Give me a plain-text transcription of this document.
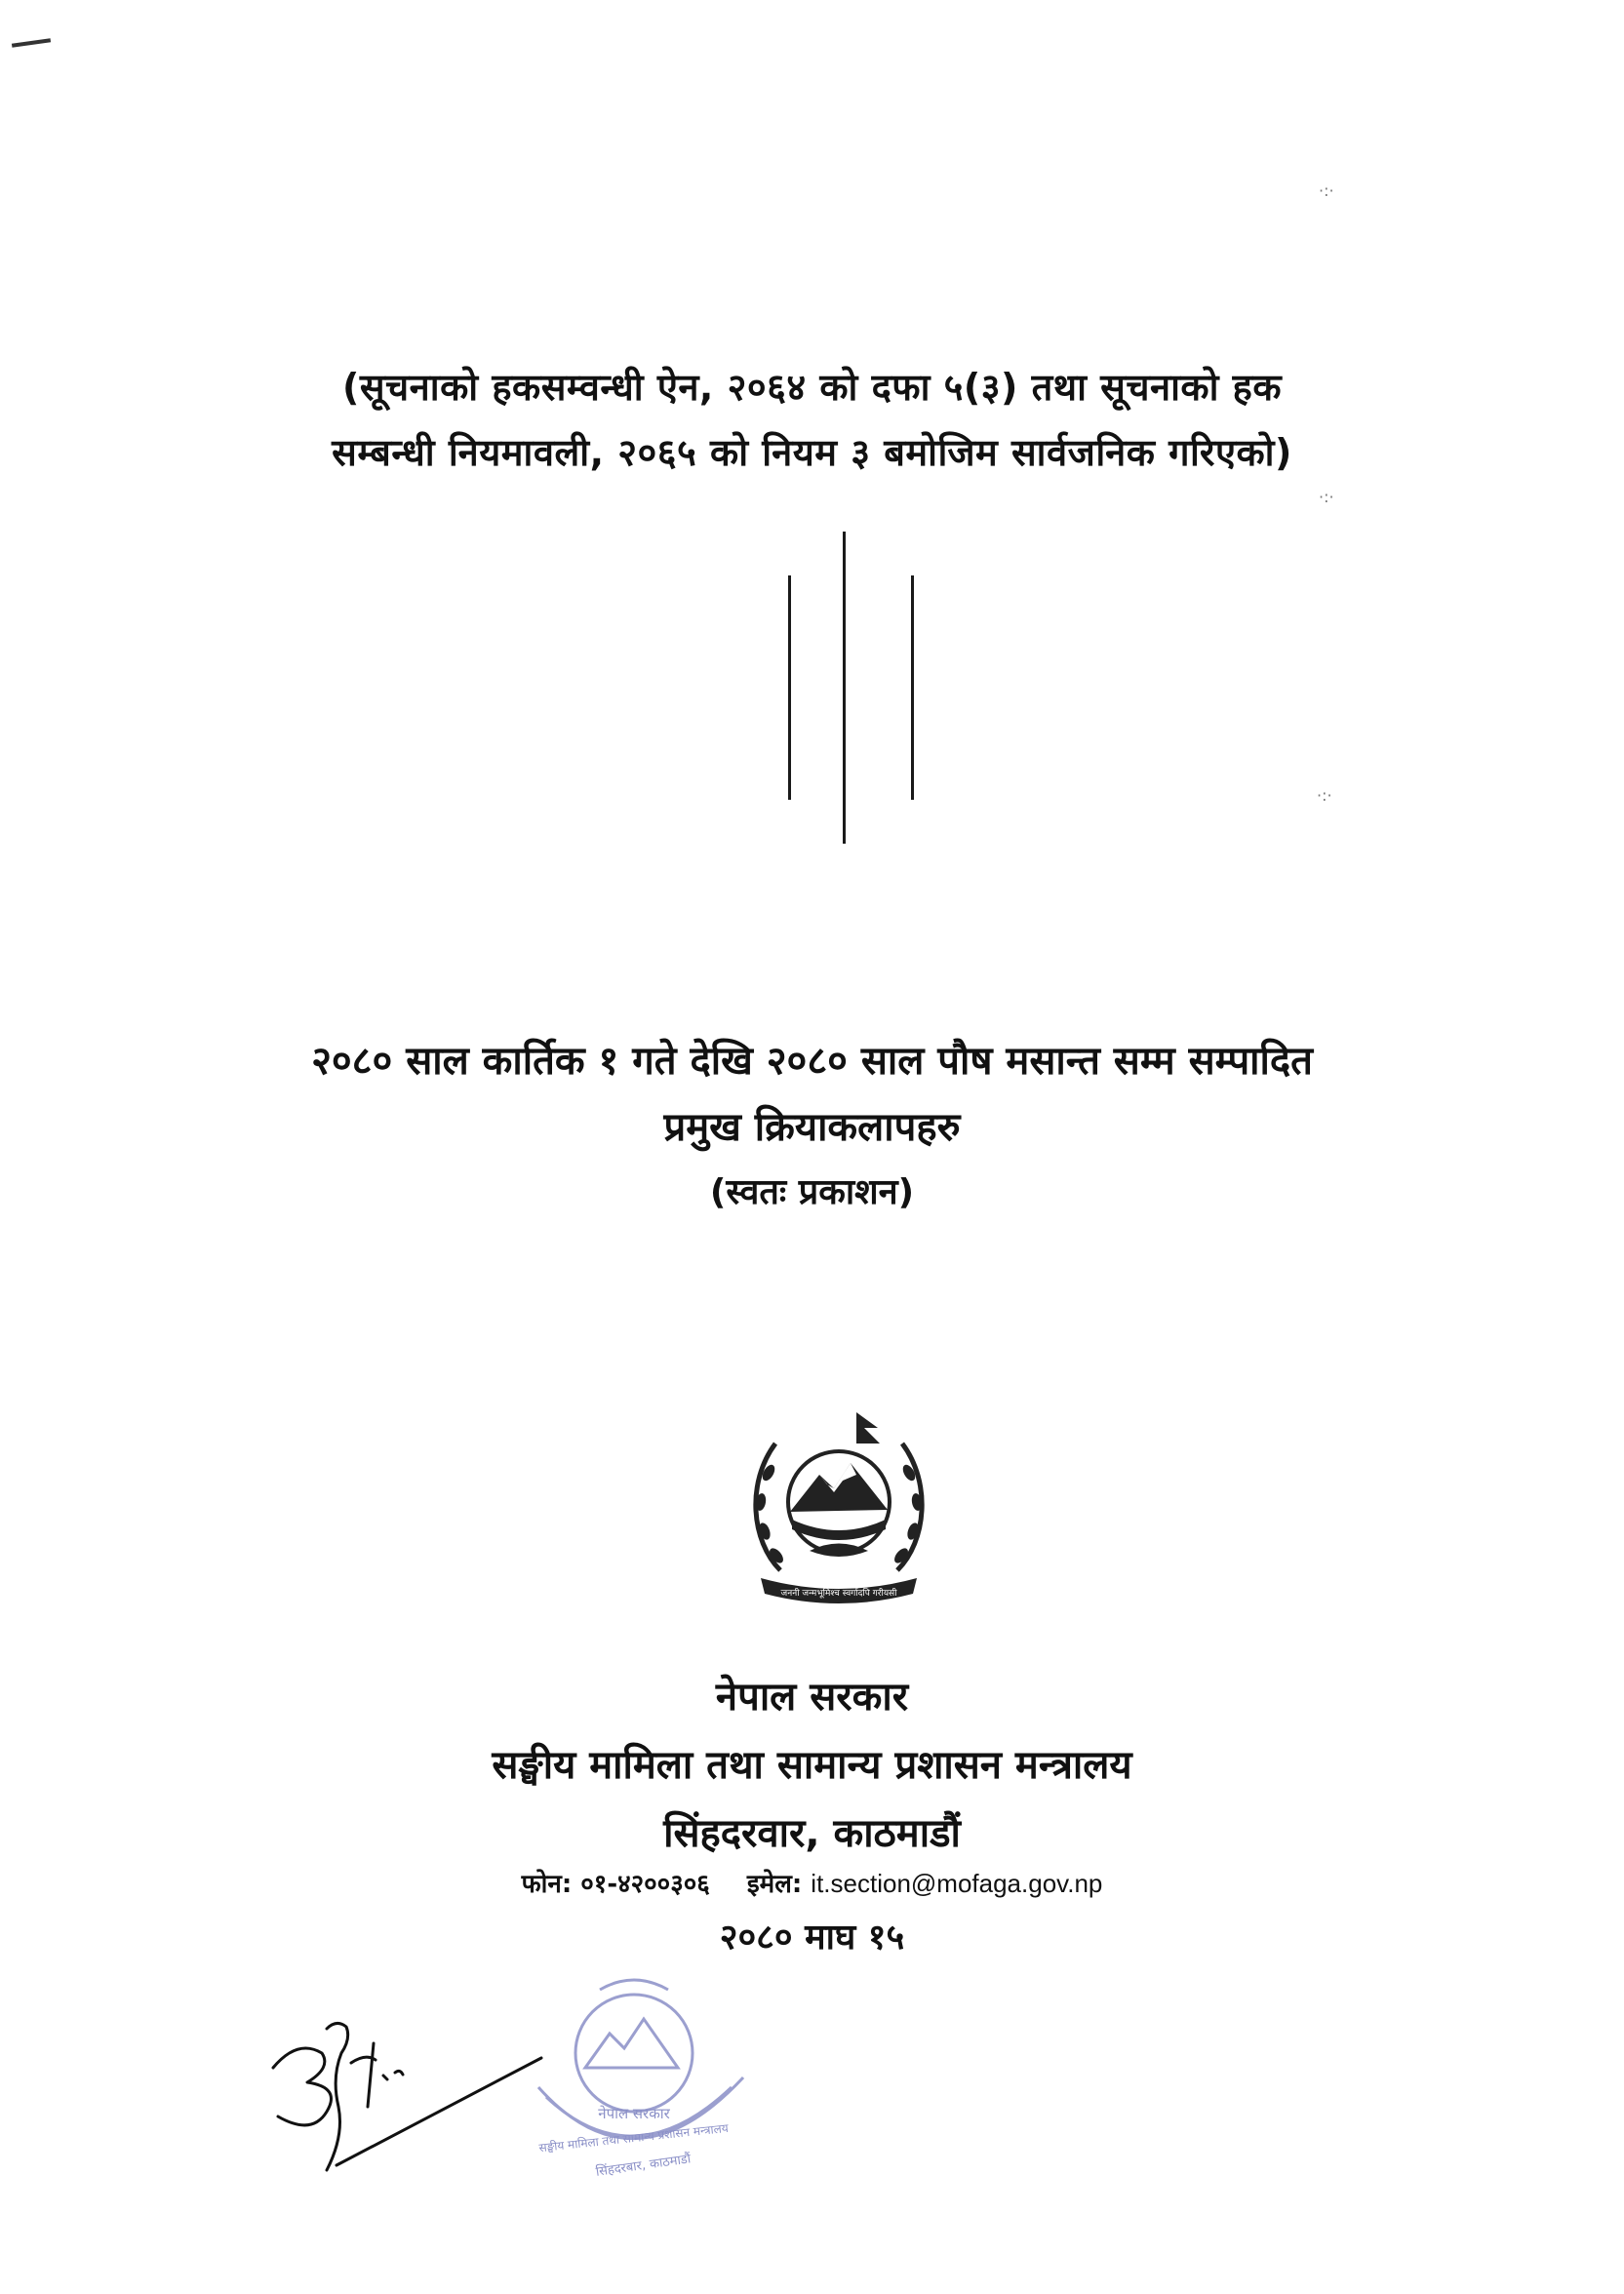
·:·
·:·
·:·
(सूचनाको हकसम्वन्धी ऐन, २०६४ को दफा ५(३) तथा सूचनाको हक
सम्बन्धी नियमावली, २०६५ को नियम ३ बमोजिम सार्वजनिक गरिएको)
२०८० साल कार्तिक १ गते देखि २०८० साल पौष मसान्त सम्म सम्पादित
प्रमुख क्रियाकलापहरु
(स्वतः प्रकाशन)
जननी जन्मभूमिश्च स्वर्गादपि गरीयसी
नेपाल सरकार
सङ्घीय मामिला तथा सामान्य प्रशासन मन्त्रालय
सिंहदरवार, काठमाडौं
फोन: ०१-४२००३०६ इमेल: it.section@mofaga.gov.np
२०८० माघ १५
नेपाल सरकार
सङ्घीय मामिला तथा सामान्य प्रशासन मन्त्रालय
सिंहदरबार, काठमाडौं
